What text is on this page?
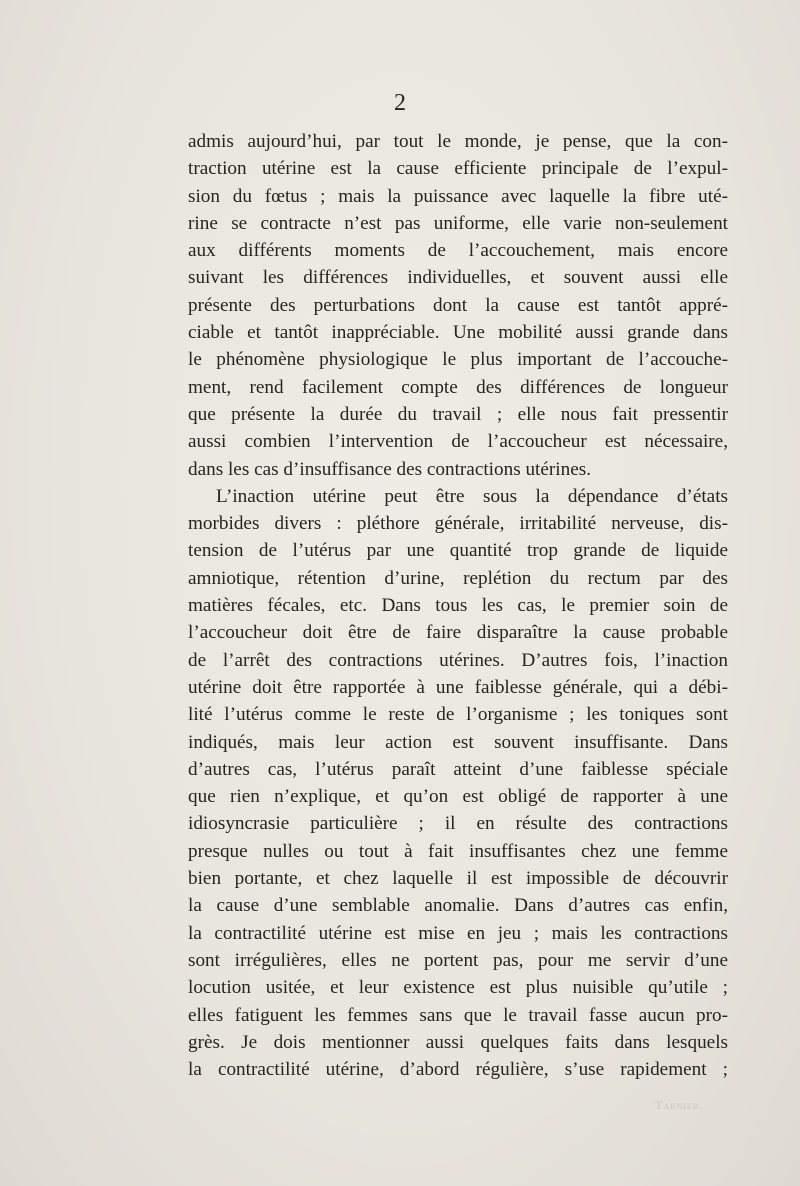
2
admis aujourd’hui, par tout le monde, je pense, que la con-
traction utérine est la cause efficiente principale de l’expul-
sion du fœtus ; mais la puissance avec laquelle la fibre uté-
rine se contracte n’est pas uniforme, elle varie non-seulement
aux différents moments de l’accouchement, mais encore
suivant les différences individuelles, et souvent aussi elle
présente des perturbations dont la cause est tantôt appré-
ciable et tantôt inappréciable. Une mobilité aussi grande dans
le phénomène physiologique le plus important de l’accouche-
ment, rend facilement compte des différences de longueur
que présente la durée du travail ; elle nous fait pressentir
aussi combien l’intervention de l’accoucheur est nécessaire,
dans les cas d’insuffisance des contractions utérines.
L’inaction utérine peut être sous la dépendance d’états
morbides divers : pléthore générale, irritabilité nerveuse, dis-
tension de l’utérus par une quantité trop grande de liquide
amniotique, rétention d’urine, replétion du rectum par des
matières fécales, etc. Dans tous les cas, le premier soin de
l’accoucheur doit être de faire disparaître la cause probable
de l’arrêt des contractions utérines. D’autres fois, l’inaction
utérine doit être rapportée à une faiblesse générale, qui a débi-
lité l’utérus comme le reste de l’organisme ; les toniques sont
indiqués, mais leur action est souvent insuffisante. Dans
d’autres cas, l’utérus paraît atteint d’une faiblesse spéciale
que rien n’explique, et qu’on est obligé de rapporter à une
idiosyncrasie particulière ; il en résulte des contractions
presque nulles ou tout à fait insuffisantes chez une femme
bien portante, et chez laquelle il est impossible de découvrir
la cause d’une semblable anomalie. Dans d’autres cas enfin,
la contractilité utérine est mise en jeu ; mais les contractions
sont irrégulières, elles ne portent pas, pour me servir d’une
locution usitée, et leur existence est plus nuisible qu’utile ;
elles fatiguent les femmes sans que le travail fasse aucun pro-
grès. Je dois mentionner aussi quelques faits dans lesquels
la contractilité utérine, d’abord régulière, s’use rapidement ;
Tarnier.
